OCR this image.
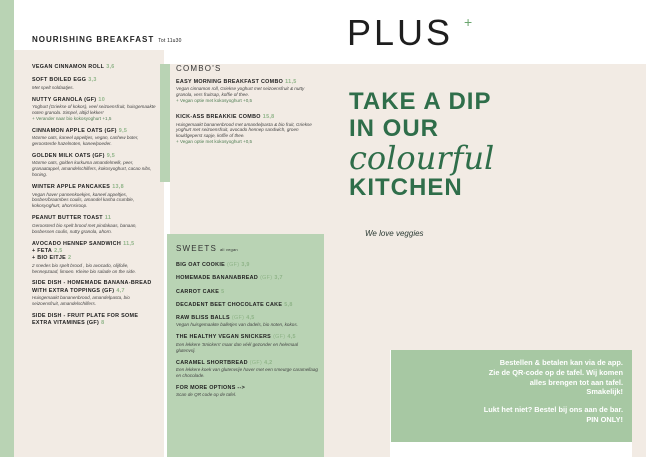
NOURISHING BREAKFAST Tot 11u30
VEGAN CINNAMON ROLL 3,6
SOFT BOILED EGG 3,3
Met spelt soldaatjes.
NUTTY GRANOLA (GF) 10
Yoghurt (Griekse of kokos), veel seizoensfruit, huisgemaakte noten granola. Simpel, altijd lekker!
+ Verander naar bio kokosyoghurt +1,5
CINNAMON APPLE OATS (GF) 9,5
Warme oats, kaneel appeltjes, vegan, cashew boter, geroosterde hazelnoten, kaneelpoeder.
GOLDEN MILK OATS (GF) 9,5
Warme oats, golden kurkuma amandelmelk, peer, granaatappel, amandelschilfers, kokosyoghurt, cacao nibs, honing.
WINTER APPLE PANCAKES 13,8
Vegan haver pannenkoekjes, kaneel appeltjes, bosbes/braambes coulis, amandel kasha crumble, kokosyoghurt, ahornsiroop.
PEANUT BUTTER TOAST 11
Geroosterd bio spelt brood met pindakaas, banaan, bosbessen coulis, nutty granola, ahorn.
AVOCADO HENNEP SANDWICH 11,5
+ FETA 2,5
+ BIO EITJE 2
2 snedes bio spelt brood , bio avocado, olijfolie, hennepzaad, limoen. Kleine bio salade on the side.
SIDE DISH - HOMEMADE BANANA-BREAD WITH EXTRA TOPPINGS (GF) 4,7
Huisgemaakt bananenbrood, amandelpasta, bio seizoensfruit, amandelschilfers.
SIDE DISH - FRUIT PLATE FOR SOME EXTRA VITAMINES (GF) 8
COMBO'S
EASY MORNING BREAKFAST COMBO 11,5
Vegan cinnamon roll, Griekse yoghurt met seizoensfruit & nutty granola, vers fruitsap, koffie of thee.
+ Vegan optie met kokosyoghurt +0,5
KICK-ASS BREAKKIE COMBO 15,8
Huisgemaakt bananenbrood met amandelpasta & bio fruit, Griekse yoghurt met seizoensfruit, avocado hennep sandwich, groen kouldgeperst sapje, koffie of thee.
+ Vegan optie met kokosyoghurt +0,5
SWEETS all vegan
BIG OAT COOKIE (GF) 3,9
HOMEMADE BANANABREAD (GF) 3,7
CARROT CAKE 5
DECADENT BEET CHOCOLATE CAKE 5,8
RAW BLISS BALLS (GF) 4,5
Vegan huisgemaakte balletjes van dadels, bio noten, kokos.
THE HEALTHY VEGAN SNICKERS (GF) 4,5
Een lekkere 'Snickers' maar dan véél gezonder en helemaal glutenvrij.
CARAMEL SHORTBREAD (GF) 4,2
Een lekkere koek van glutenvrije haver met een smeuïge caramellaag en chocolade.
FOR MORE OPTIONS -->
Scan de QR code op de tafel.
PLUS +
TAKE A DIP
IN OUR
colourful
KITCHEN
We love veggies

Bestellen & betalen kan via de app.

Zie de QR-code op de tafel. Wij komen

alles brengen tot aan tafel.

Smakelijk!

Lukt het niet? Bestel bij ons aan de bar.

PIN ONLY!
